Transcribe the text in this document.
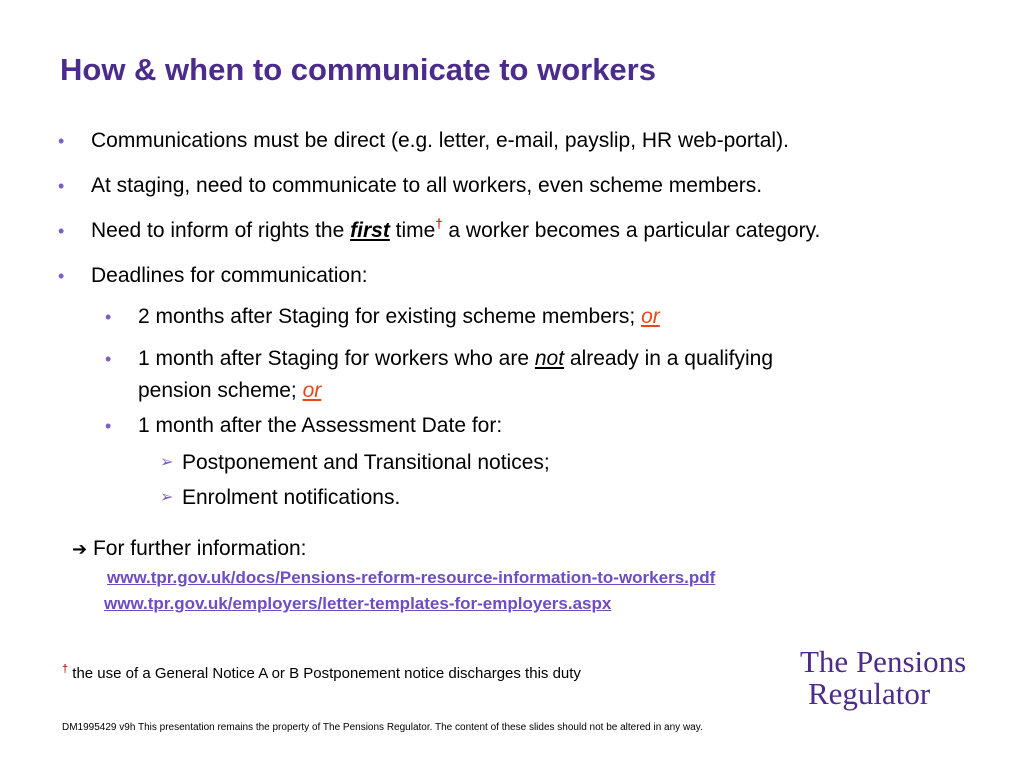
How & when to communicate to workers
• Communications must be direct (e.g. letter, e-mail, payslip, HR web-portal).
• At staging, need to communicate to all workers, even scheme members.
• Need to inform of rights the first time† a worker becomes a particular category.
• Deadlines for communication:
• 2 months after Staging for existing scheme members; or
• 1 month after Staging for workers who are not already in a qualifying
pension scheme; or
• 1 month after the Assessment Date for:
➢ Postponement and Transitional notices;
➢ Enrolment notifications.
➔ For further information:
www.tpr.gov.uk/docs/Pensions-reform-resource-information-to-workers.pdf
www.tpr.gov.uk/employers/letter-templates-for-employers.aspx
† the use of a General Notice A or B Postponement notice discharges this duty	The Pensions
Regulator
DM1995429 v9h This presentation remains the property of The Pensions Regulator. The content of these slides should not be altered in any way.
